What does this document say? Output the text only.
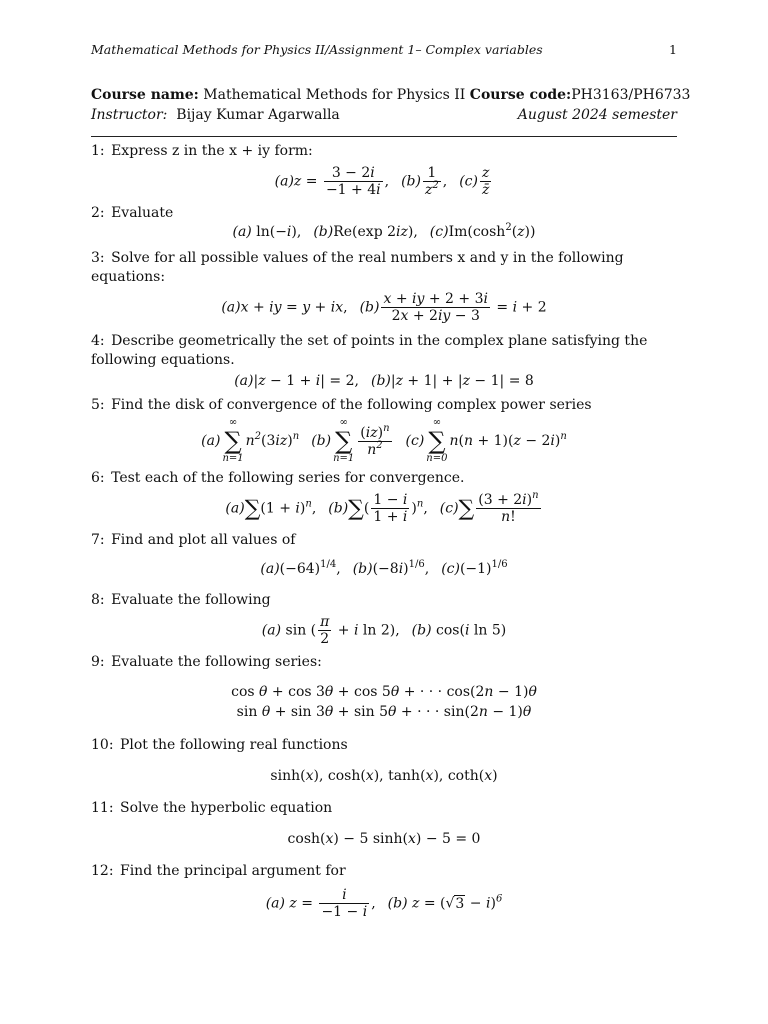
Mathematical Methods for Physics II/Assignment 1– Complex variables	1
Course name: Mathematical Methods for Physics II Course code: PH3163/PH6733
Instructor: Bijay Kumar Agarwalla	August 2024 semester
1: Express z in the x + iy form:
$(a)z = \frac{3 - 2i}{-1 + 4i}$ , $(b) \frac{1}{z^2}$ , $(c) \frac{z}{z̄}$
2: Evaluate
(a) ln(−i), (b)Re(exp 2iz), $(c)Im(\cosh^2(z))$
3: Solve for all possible values of the real numbers x and y in the following equations:
(a)x + iy = y + ix, $(b) \frac{x + iy + 2 + 3i}{2x + 2iy - 3} = i + 2$
4: Describe geometrically the set of points in the complex plane satisfying the following equations.
(a)|z − 1 + i| = 2, (b)|z + 1| + |z − 1| = 8
5: Find the disk of convergence of the following complex power series
(a)
∞
∑
n=1
$n^2(3iz)^n$ (b)
∞
∑
n=1
$\frac{(iz)^n}{n^2} (c)$
∞
∑
n=0
$n(n + 1)(z - 2i)^n$
6: Test each of the following series for convergence.
$(a)\sum(1 + i)^n$, $(b)\sum( \frac{1 - i}{1 + i} )^n$, $(c)\sum \frac{(3 + 2i)^n}{n!}$
7: Find and plot all values of
$(a)(-64)^{1/4}$, $(b)(-8i)^{1/6}$, $(c)(-1)^{1/6}$
8: Evaluate the following
(a) sin ( $\frac{\pi}{2} + i$ ln 2), (b) cos(i ln 5)
9: Evaluate the following series:
cos θ + cos 3θ + cos 5θ + · · · cos(2n − 1)θ
sin θ + sin 3θ + sin 5θ + · · · sin(2n − 1)θ
10: Plot the following real functions
sinh(x), cosh(x), tanh(x), coth(x)
11: Solve the hyperbolic equation
cosh(x) − 5 sinh(x) − 5 = 0
12: Find the principal argument for
(a) $z = \frac{i}{-1 - i}$ , (b) $z = (√3 - i)^6$
